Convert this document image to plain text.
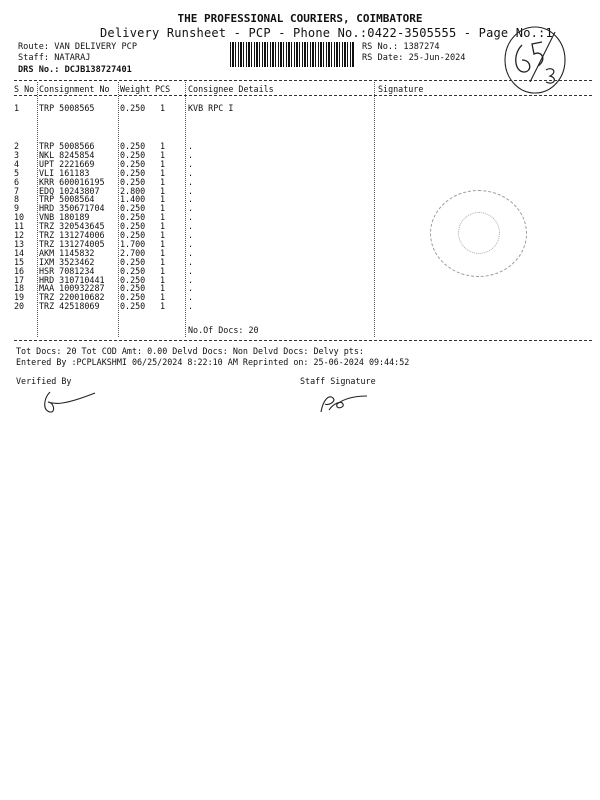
THE PROFESSIONAL COURIERS, COIMBATORE
Delivery Runsheet - PCP - Phone No.:0422-3505555 - Page No.:1
Route: VAN DELIVERY PCP
Staff: NATARAJ
DRS No.: DCJB138727401
RS No.: 1387274
RS Date: 25-Jun-2024
S No Consignment No Weight PCS Consignee Details	Signature
1 TRP 5008565	0.250 1	KVB RPC I
2 TRP 5008566	0.250 1	.
3 NKL 8245854	0.250 1	.
4 UPT 2221669	0.250 1	.
5 VLI 161183	0.250 1	.
6 KRR 600016195 0.250 1	.
7 EDQ 10243807 2.800 1	.
8 TRP 5008564	1.400 1	.
9 HRD 350671704 0.250 1	.
10 VNB 180189	0.250 1	.
11 TRZ 320543645 0.250 1	.
12 TRZ 131274006 0.250 1	.
13 TRZ 131274005 1.700 1	.
14 AKM 1145832	2.700 1	.
15 IXM 3523462	0.250 1	.
16 HSR 7081234	0.250 1	.
17 HRD 310710441 0.250 1	.
18 MAA 100932287 0.250 1	.
19 TRZ 220010682 0.250 1	.
20 TRZ 42518069 0.250 1	.
No.Of Docs: 20
Tot Docs: 20 Tot COD Amt: 0.00 Delvd Docs: Non Delvd Docs: Delvy pts:
Entered By :PCPLAKSHMI 06/25/2024 8:22:10 AM Reprinted on: 25-06-2024 09:44:52
Verified By	Staff Signature
